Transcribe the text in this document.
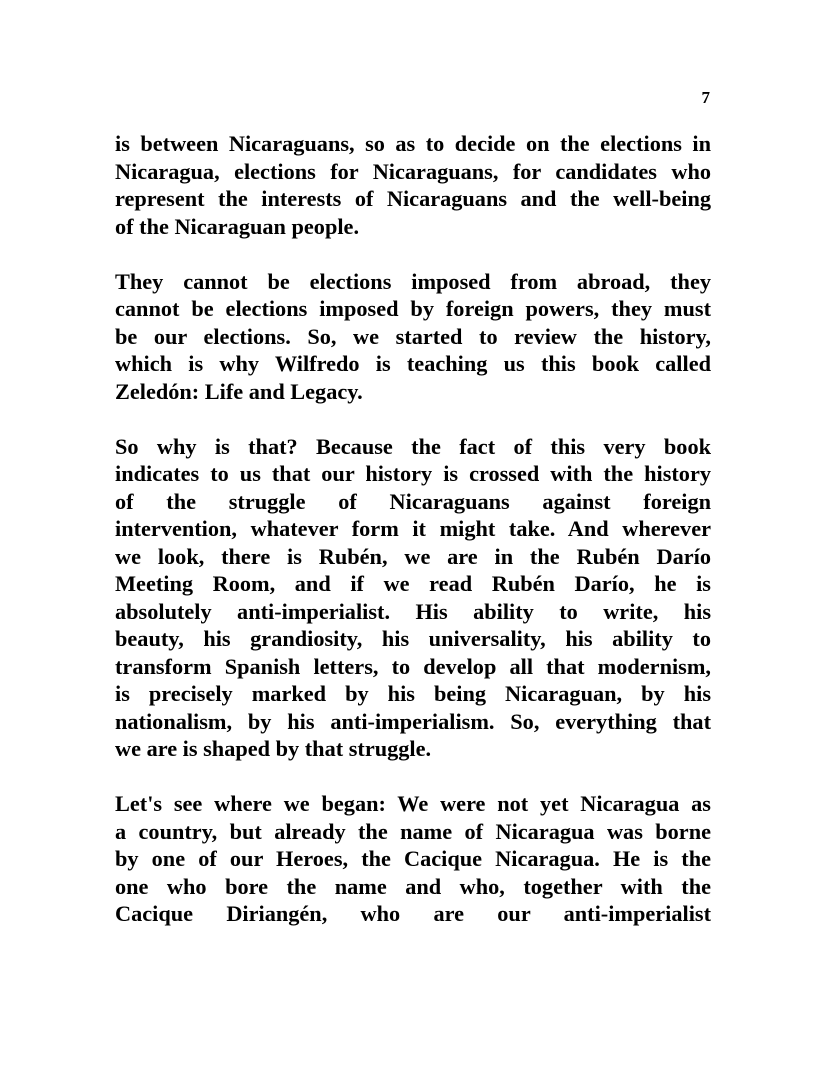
7
is between Nicaraguans, so as to decide on the elections in
Nicaragua, elections for Nicaraguans, for candidates who
represent the interests of Nicaraguans and the well-being
of the Nicaraguan people.
They cannot be elections imposed from abroad, they
cannot be elections imposed by foreign powers, they must
be our elections. So, we started to review the history,
which is why Wilfredo is teaching us this book called
Zeledón: Life and Legacy.
So why is that? Because the fact of this very book
indicates to us that our history is crossed with the history
of the struggle of Nicaraguans against foreign
intervention, whatever form it might take. And wherever
we look, there is Rubén, we are in the Rubén Darío
Meeting Room, and if we read Rubén Darío, he is
absolutely anti-imperialist. His ability to write, his
beauty, his grandiosity, his universality, his ability to
transform Spanish letters, to develop all that modernism,
is precisely marked by his being Nicaraguan, by his
nationalism, by his anti-imperialism. So, everything that
we are is shaped by that struggle.
Let's see where we began: We were not yet Nicaragua as
a country, but already the name of Nicaragua was borne
by one of our Heroes, the Cacique Nicaragua. He is the
one who bore the name and who, together with the
Cacique Diriangén, who are our anti-imperialist
